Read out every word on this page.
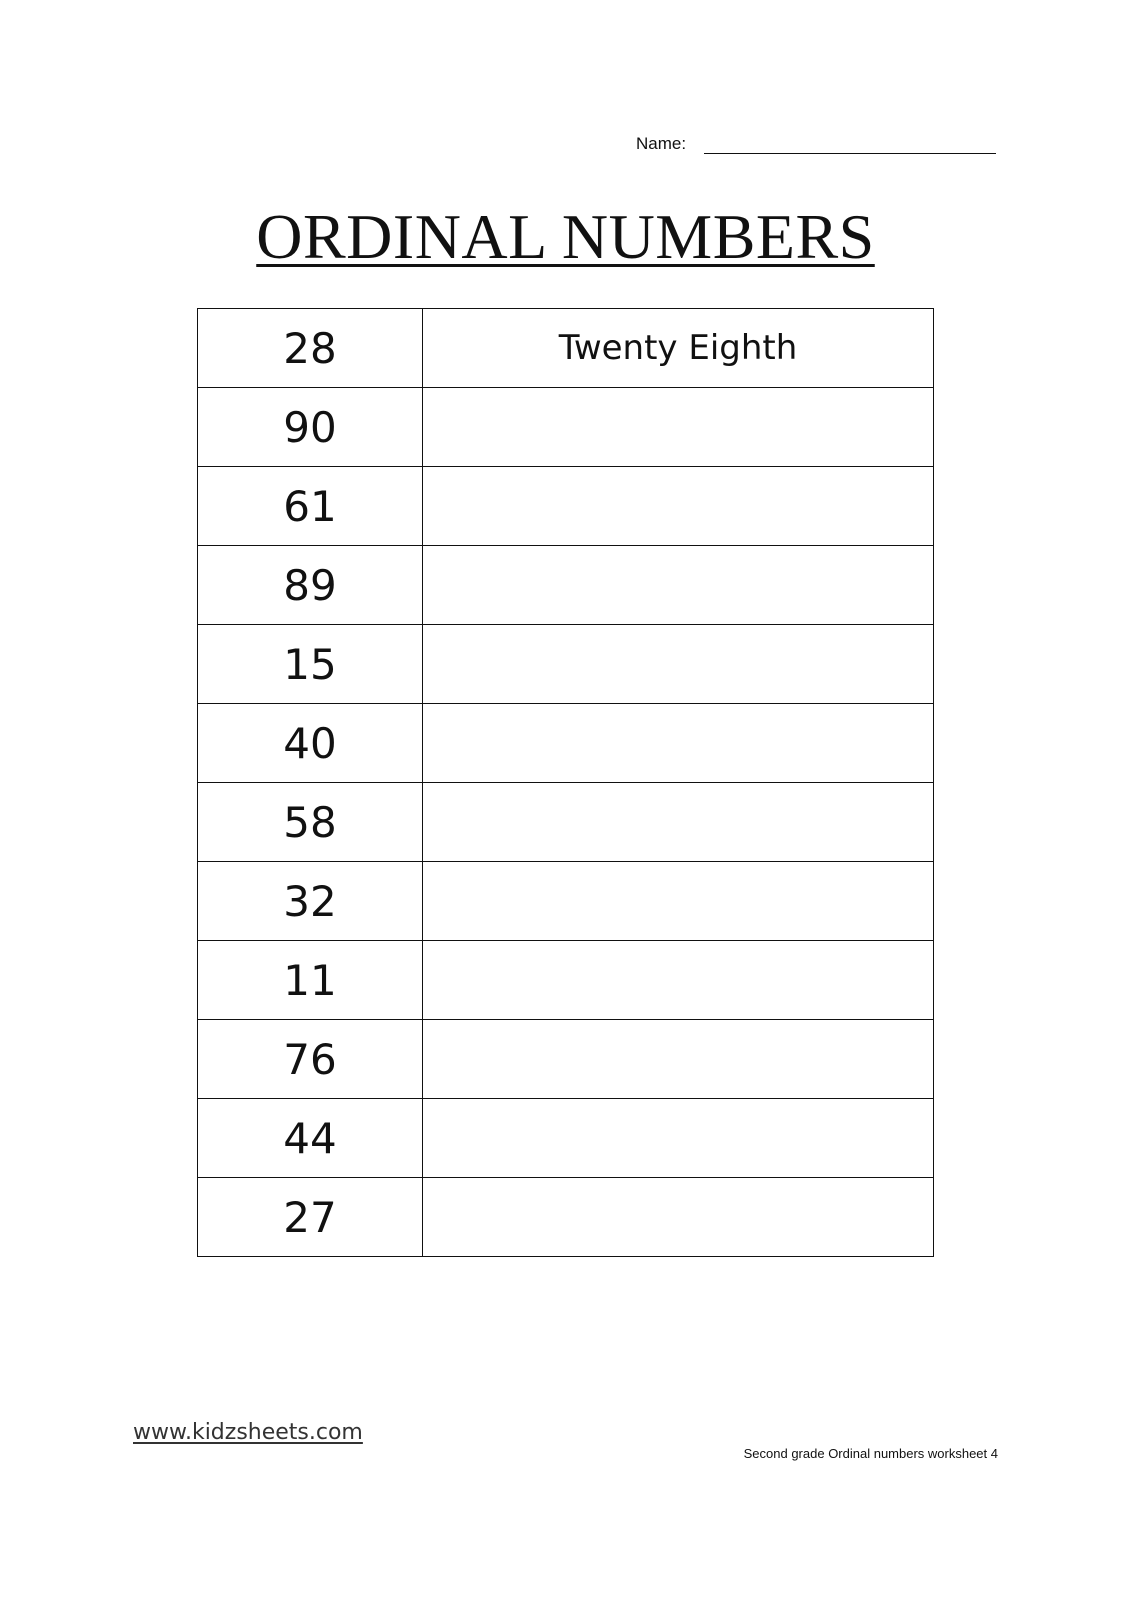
Name:
ORDINAL NUMBERS
28	Twenty Eighth
90	
61	
89	
15	
40	
58	
32	
11	
76	
44	
27	
www.kidzsheets.com
Second grade Ordinal numbers worksheet 4
